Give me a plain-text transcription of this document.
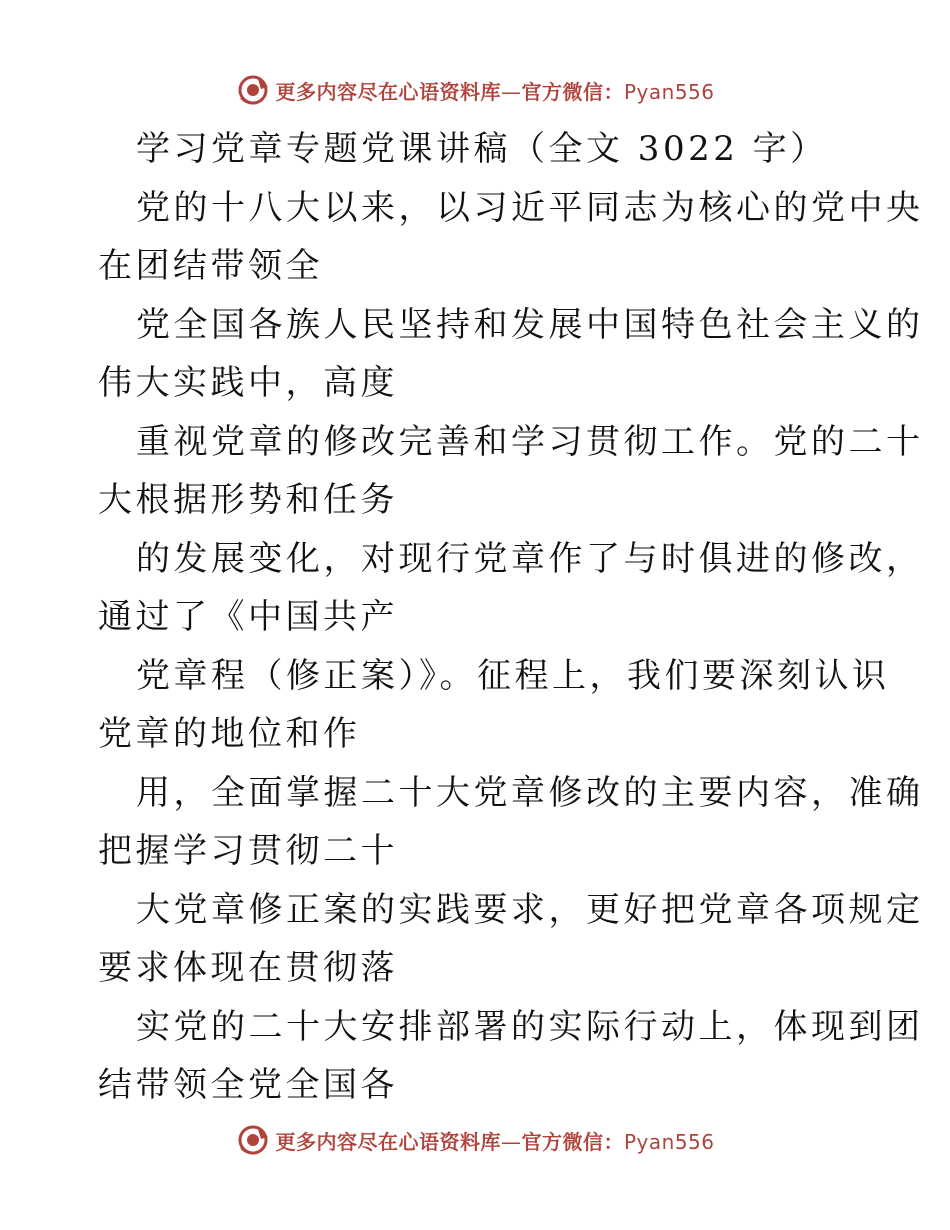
更多内容尽在心语资料库—官方微信：Pyan556
学习党章专题党课讲稿（全文 3022 字）
党的十八大以来，以习近平同志为核心的党中央
在团结带领全
党全国各族人民坚持和发展中国特色社会主义的
伟大实践中，高度
重视党章的修改完善和学习贯彻工作。党的二十
大根据形势和任务
的发展变化，对现行党章作了与时俱进的修改，
通过了《中国共产
党章程（修正案）》。征程上，我们要深刻认识
党章的地位和作
用，全面掌握二十大党章修改的主要内容，准确
把握学习贯彻二十
大党章修正案的实践要求，更好把党章各项规定
要求体现在贯彻落
实党的二十大安排部署的实际行动上，体现到团
结带领全党全国各
更多内容尽在心语资料库—官方微信：Pyan556
